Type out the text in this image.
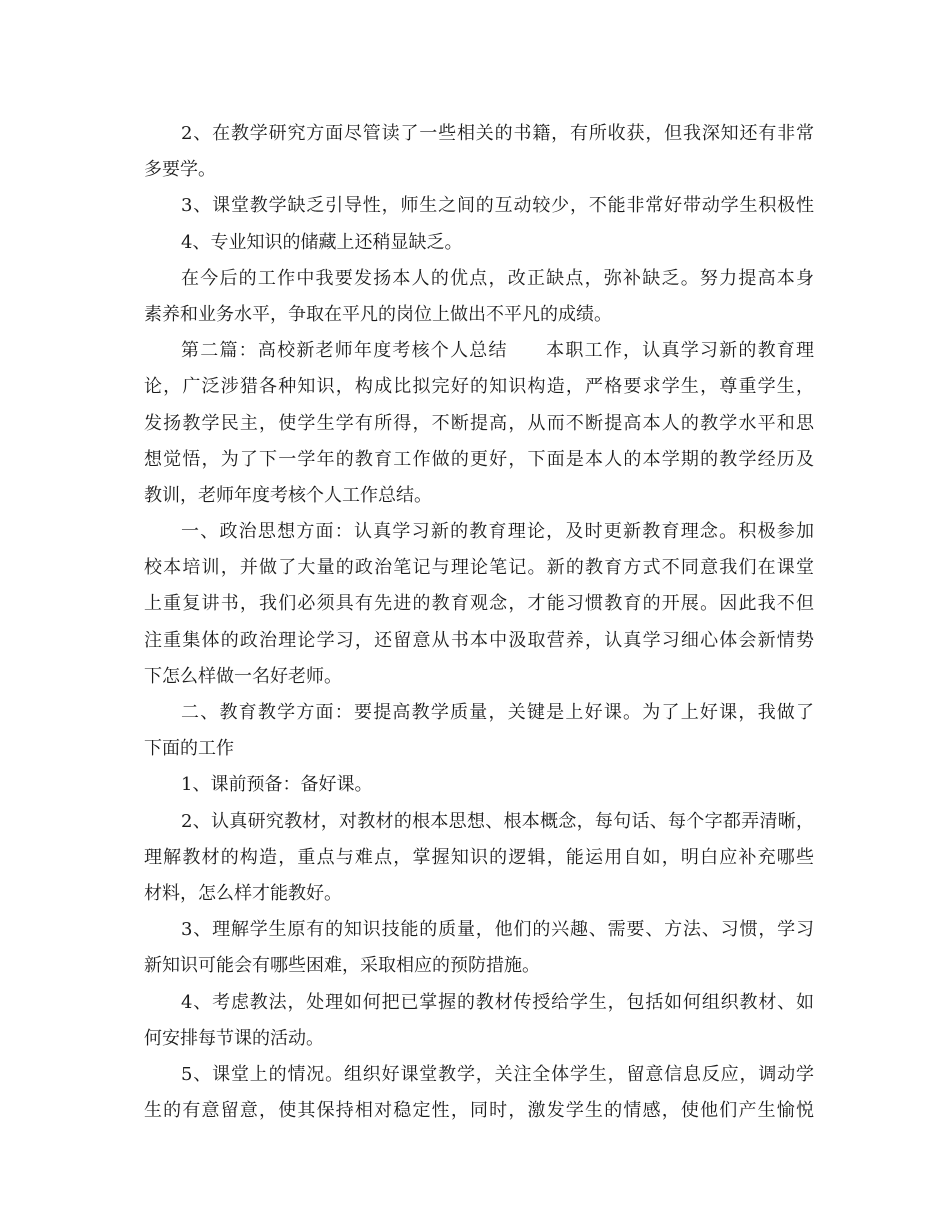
2、在教学研究方面尽管读了一些相关的书籍，有所收获，但我深知还有非常
多要学。
3、课堂教学缺乏引导性，师生之间的互动较少，不能非常好带动学生积极性
4、专业知识的储藏上还稍显缺乏。
在今后的工作中我要发扬本人的优点，改正缺点，弥补缺乏。努力提高本身
素养和业务水平，争取在平凡的岗位上做出不平凡的成绩。
第二篇：高校新老师年度考核个人总结　　本职工作，认真学习新的教育理
论，广泛涉猎各种知识，构成比拟完好的知识构造，严格要求学生，尊重学生，
发扬教学民主，使学生学有所得，不断提高，从而不断提高本人的教学水平和思
想觉悟，为了下一学年的教育工作做的更好，下面是本人的本学期的教学经历及
教训，老师年度考核个人工作总结。
一、政治思想方面：认真学习新的教育理论，及时更新教育理念。积极参加
校本培训，并做了大量的政治笔记与理论笔记。新的教育方式不同意我们在课堂
上重复讲书，我们必须具有先进的教育观念，才能习惯教育的开展。因此我不但
注重集体的政治理论学习，还留意从书本中汲取营养，认真学习细心体会新情势
下怎么样做一名好老师。
二、教育教学方面：要提高教学质量，关键是上好课。为了上好课，我做了
下面的工作
1、课前预备：备好课。
2、认真研究教材，对教材的根本思想、根本概念，每句话、每个字都弄清晰，
理解教材的构造，重点与难点，掌握知识的逻辑，能运用自如，明白应补充哪些
材料，怎么样才能教好。
3、理解学生原有的知识技能的质量，他们的兴趣、需要、方法、习惯，学习
新知识可能会有哪些困难，采取相应的预防措施。
4、考虑教法，处理如何把已掌握的教材传授给学生，包括如何组织教材、如
何安排每节课的活动。
5、课堂上的情况。组织好课堂教学，关注全体学生，留意信息反应，调动学
生的有意留意，使其保持相对稳定性，同时，激发学生的情感，使他们产生愉悦
